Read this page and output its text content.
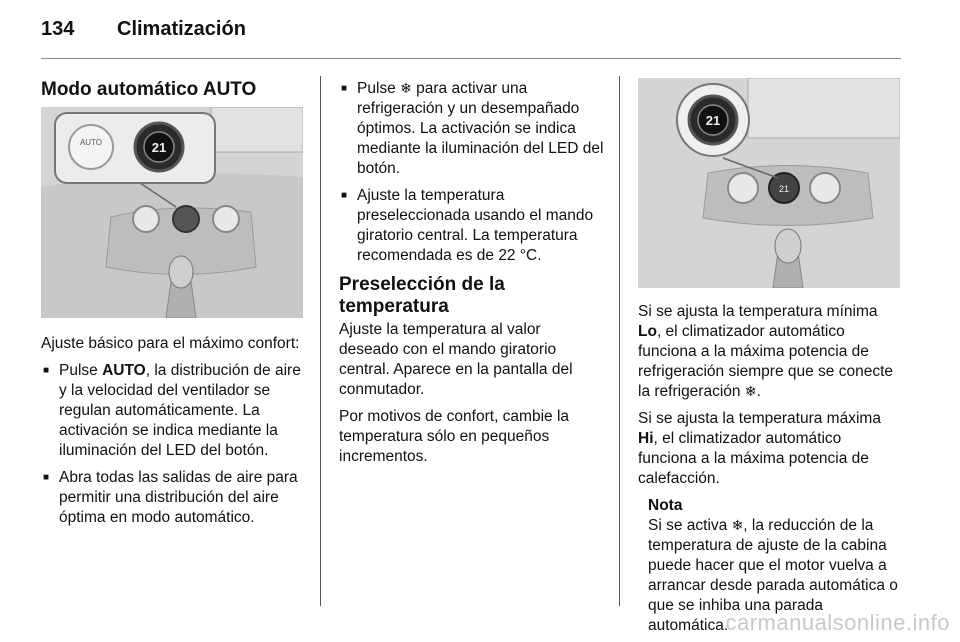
134 Climatización
Modo automático AUTO
AUTO	21

Ajuste básico para el máximo confort:

■ Pulse AUTO, la distribución de aire y la velocidad del ventilador se regulan automáticamente. La activación se indica mediante la iluminación del LED del botón.
■ Abra todas las salidas de aire para permitir una distribución del aire óptima en modo automático.
■ Pulse ❄ para activar una refrigeración y un desempañado óptimos. La activación se indica mediante la iluminación del LED del botón.
■ Ajuste la temperatura preseleccionada usando el mando giratorio central. La temperatura recomendada es de 22 °C.
Preselección de la temperatura

Ajuste la temperatura al valor deseado con el mando giratorio central. Aparece en la pantalla del conmutador.

Por motivos de confort, cambie la temperatura sólo en pequeños incrementos.

21
21

Si se ajusta la temperatura mínima Lo, el climatizador automático funciona a la máxima potencia de refrigeración siempre que se conecte la refrigeración ❄.

Si se ajusta la temperatura máxima Hi, el climatizador automático funciona a la máxima potencia de calefacción.

Nota
Si se activa ❄, la reducción de la temperatura de ajuste de la cabina puede hacer que el motor vuelva a arrancar desde parada automática o que se inhiba una parada automática.
carmanualsonline.info
